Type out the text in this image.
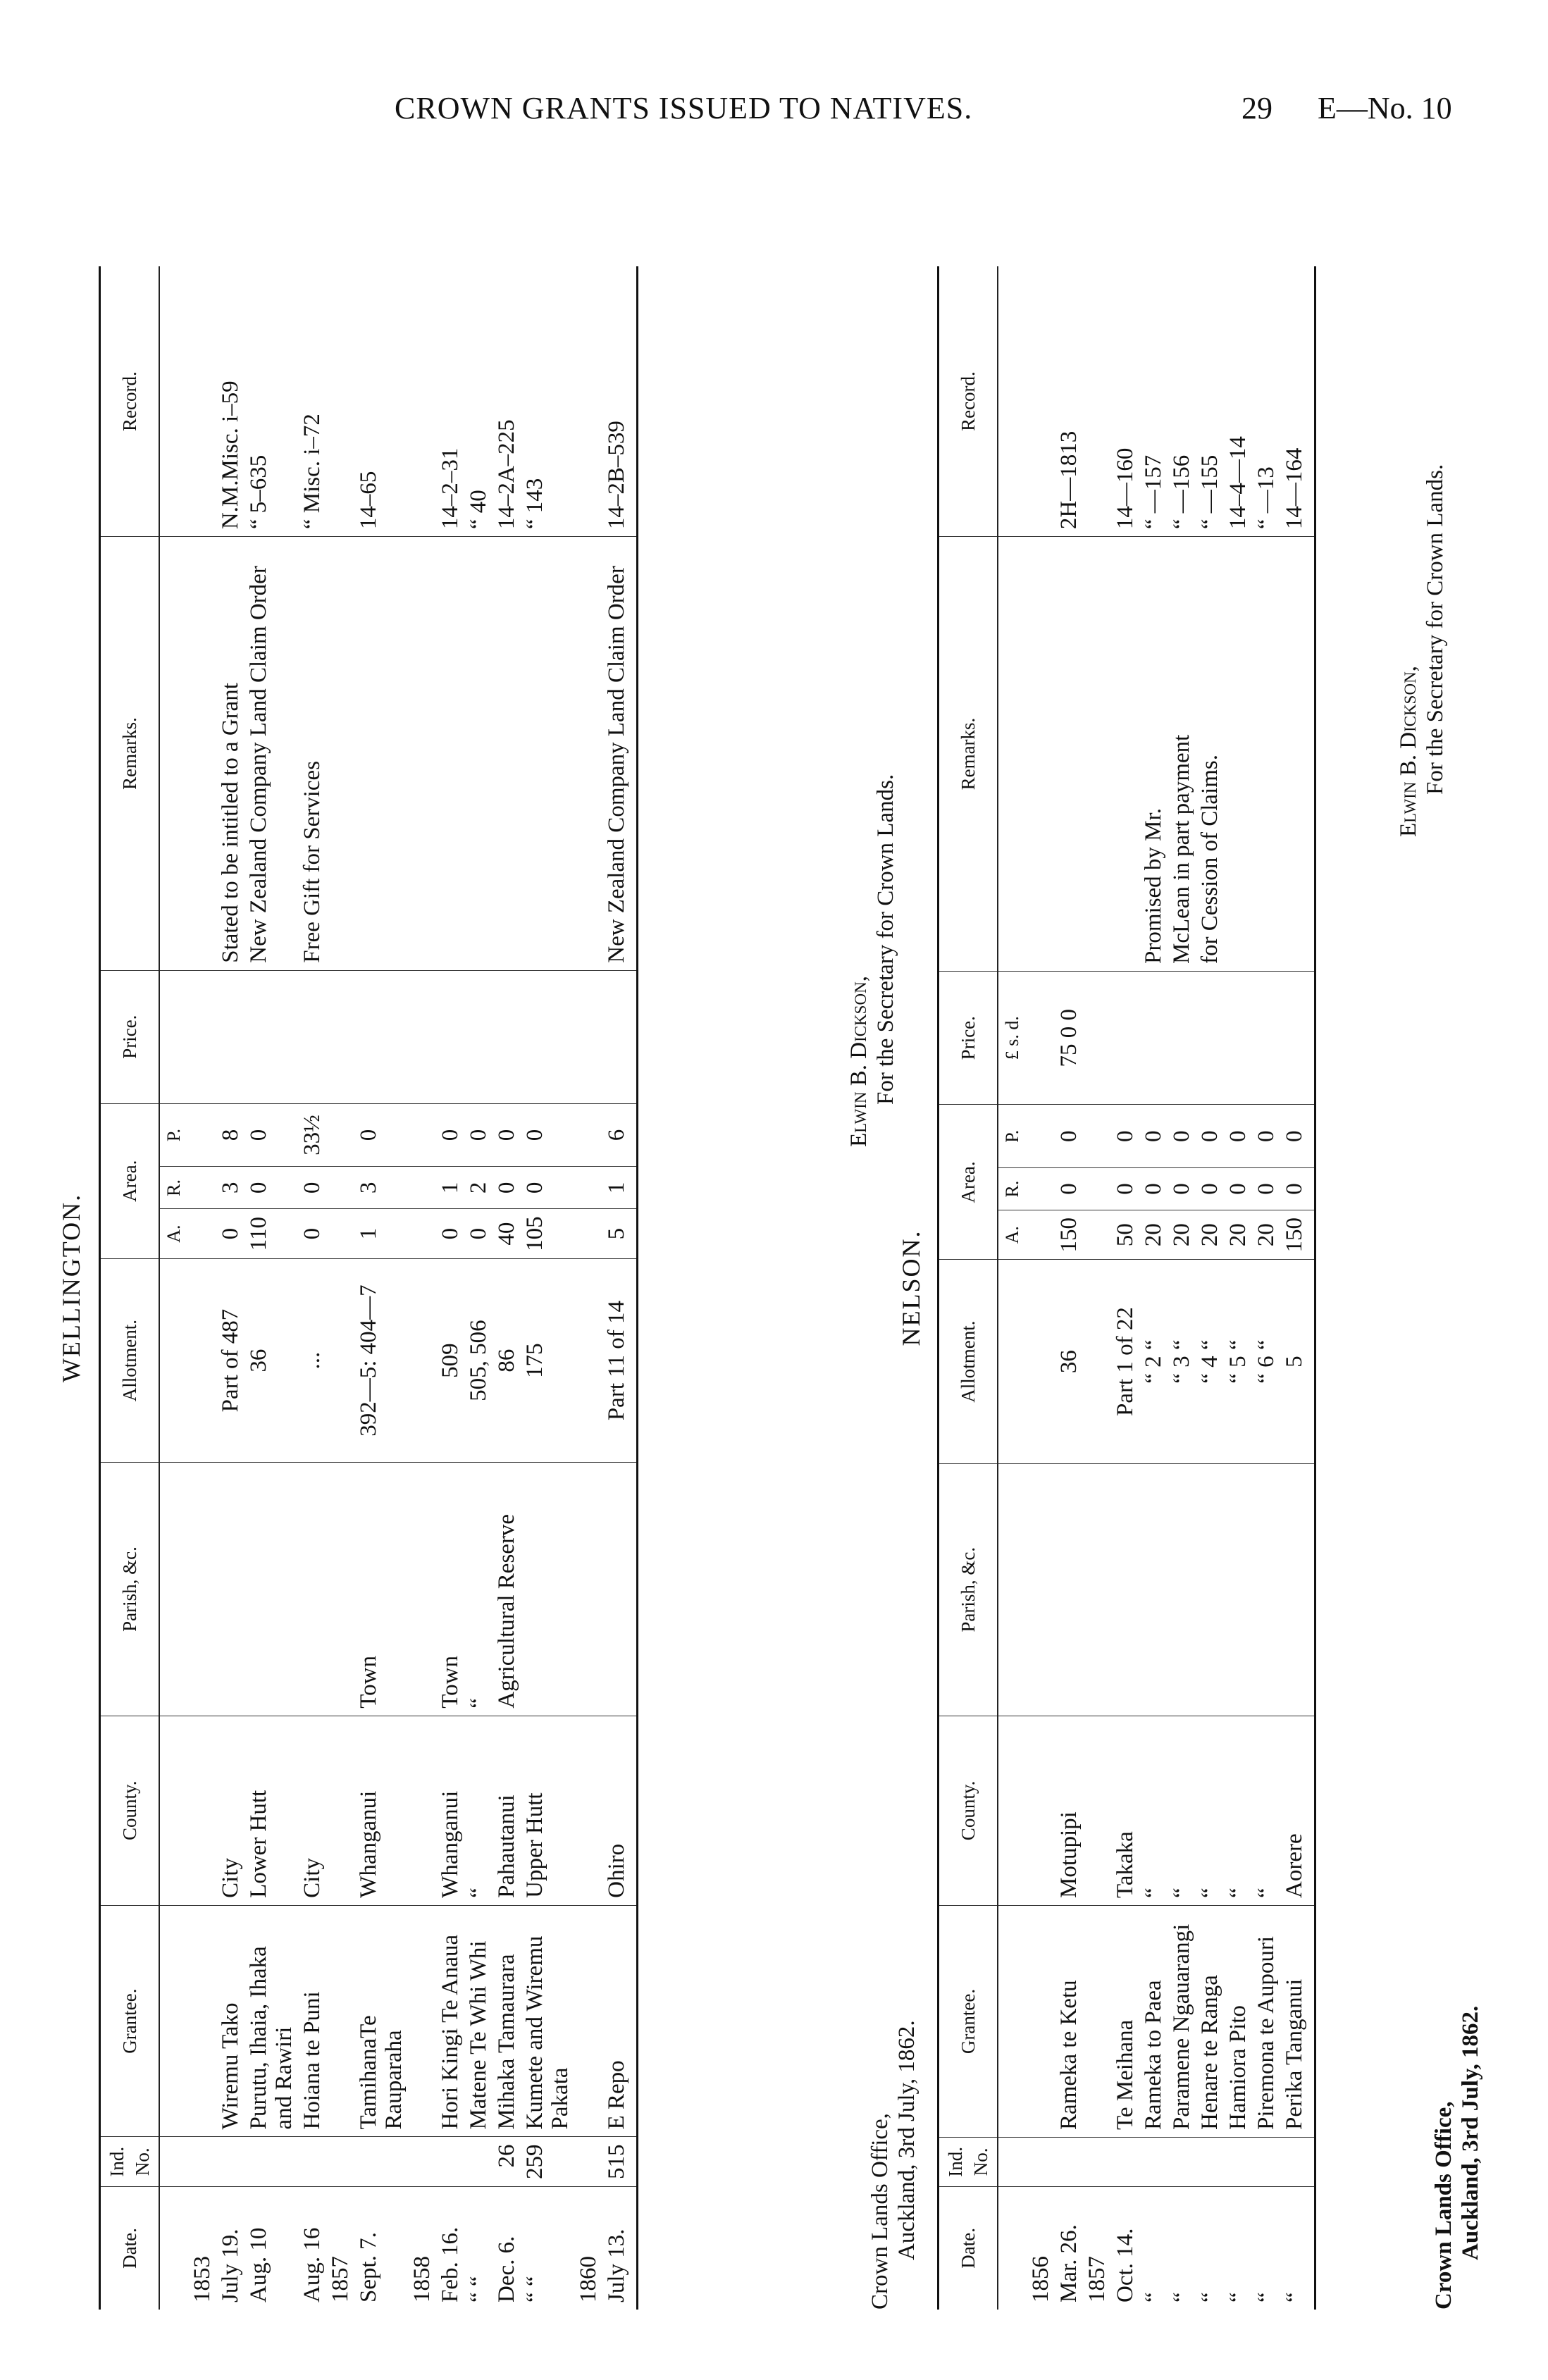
CROWN GRANTS ISSUED TO NATIVES.	29 E—No. 10
WELLINGTON.
Date.	Ind. No.	Grantee.	County.	Parish, &c.	Allotment.	Area.			Price.	Remarks.	Record.
						A.	R.	P.			
1853											
July 19.		Wiremu Tako	City		Part of 487	0	3	8		Stated to be intitled to a Grant	N.M.Misc. i–59
Aug. 10		Purutu, Ihaia, Ihaka and Rawiri	Lower Hutt		36	110	0	0		New Zealand Company Land Claim Order	“ 5–635
Aug. 16		Hoiana te Puni	City		...	0	0	33½		Free Gift for Services	“ Misc. i–72
1857											
Sept. 7.		TamihanaTe Rauparaha	Whanganui	Town	392—5: 404—7	1	3	0			14–65
1858											
Feb. 16.		Hori Kingi Te Anaua	Whanganui	Town	509	0	1	0			14–2–31
“ “		Matene Te Whi Whi	“	“	505, 506	0	2	0			“ 40
Dec. 6.	26	Mihaka Tamaurara	Pahautanui	Agricultural Reserve	86	40	0	0			14–2A–225
“ “	259	Kumete and Wiremu Pakata	Upper Hutt		175	105	0	0			“ 143
1860											
July 13.	515	E Repo	Ohiro		Part 11 of 14	5	1	6		New Zealand Company Land Claim Order	14–2B–539
Crown Lands Office, Auckland, 3rd July, 1862.
Elwin B. Dickson, For the Secretary for Crown Lands.
NELSON.
Date.	Ind. No.	Grantee.	County.	Parish, &c.	Allotment.	Area.			Price.	Remarks.	Record.
						A.	R.	P.	£ s. d.		
1856											
Mar. 26.		Rameka te Ketu	Motupipi		36	150	0	0	75 0 0		2H—1813
1857											
Oct. 14.		Te Meihana	Takaka		Part 1 of 22	50	0	0			14—160
“		Rameka to Paea	“		“ 2 “	20	0	0		Promised by Mr.	“ —157
“		Paramene Ngauarangi	“		“ 3 “	20	0	0		McLean in part payment	“ —156
“		Henare te Ranga	“		“ 4 “	20	0	0		for Cession of Claims.	“ —155
“		Hamiora Pito	“		“ 5 “	20	0	0			14–4—14
“		Piremona te Aupouri	“		“ 6 “	20	0	0			“ —13
“		Perika Tanganui	Aorere		5	150	0	0			14—164
Crown Lands Office, Auckland, 3rd July, 1862.
Elwin B. Dickson, For the Secretary for Crown Lands.
